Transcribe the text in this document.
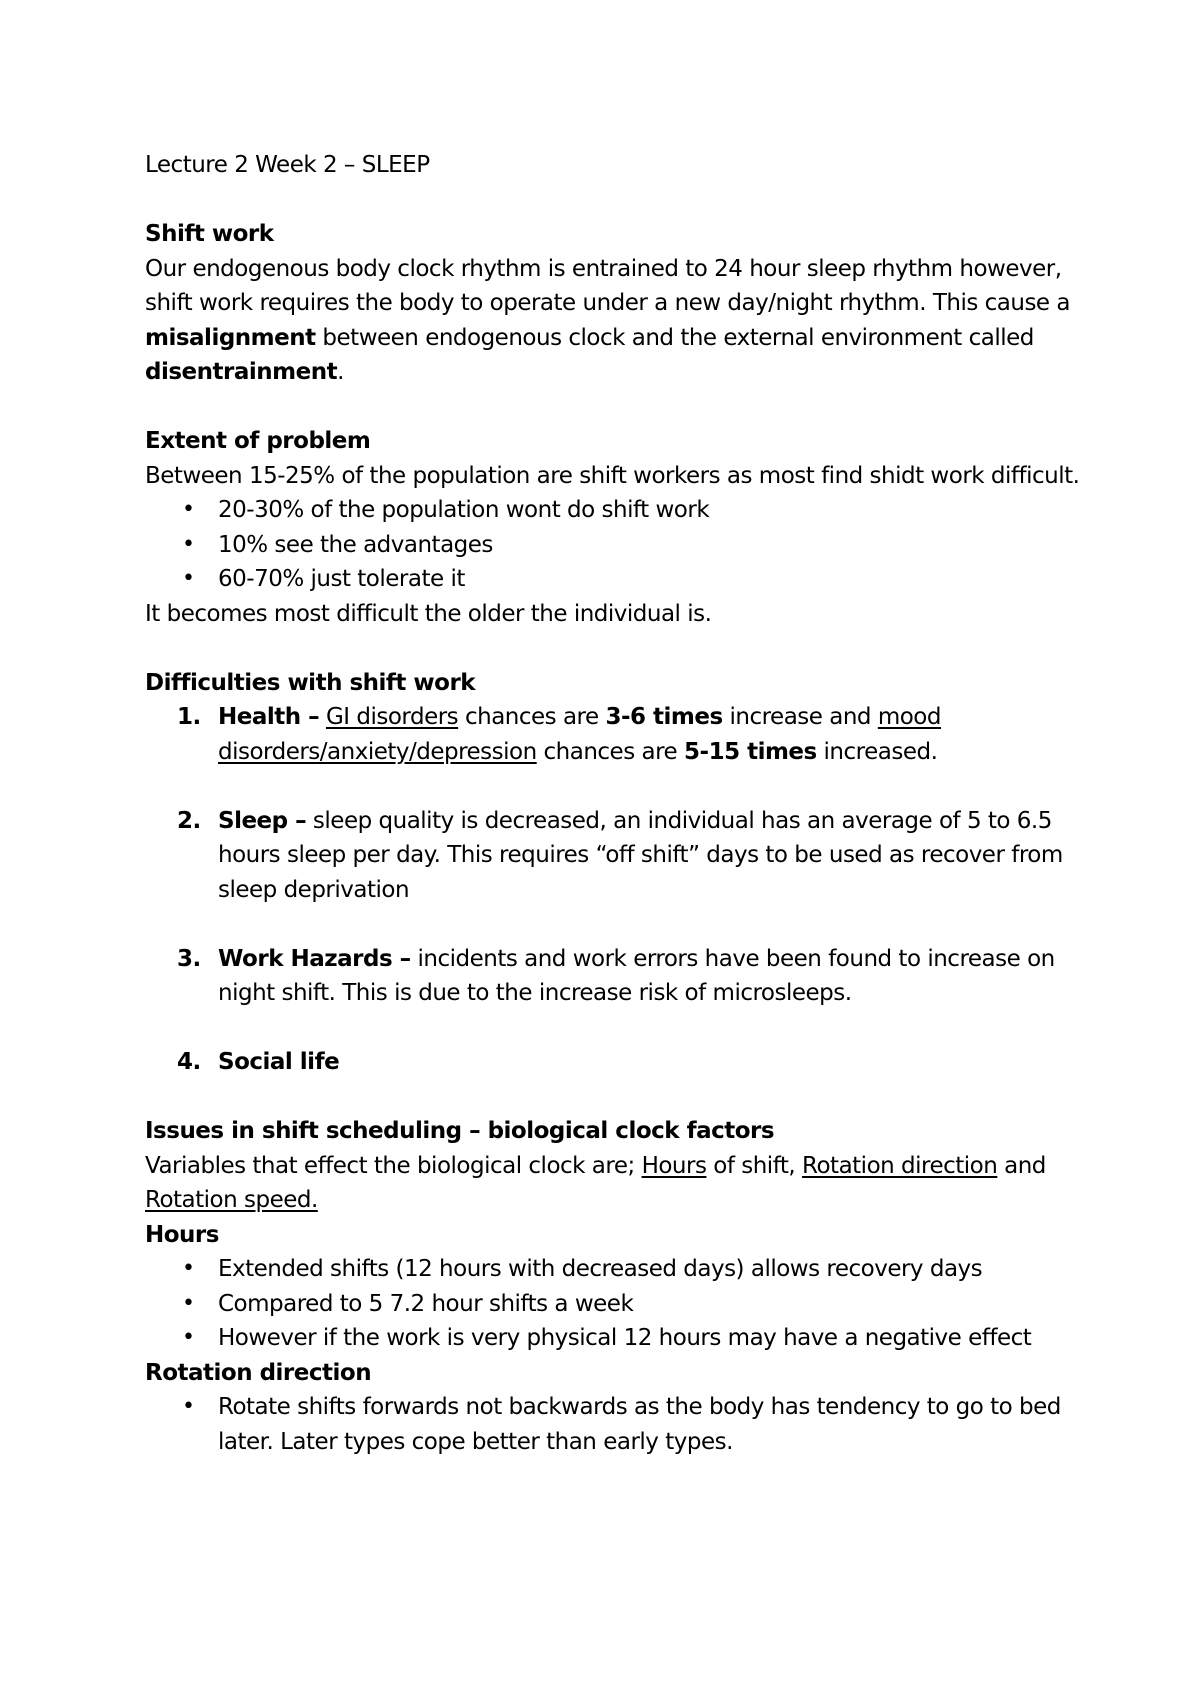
Lecture 2 Week 2 – SLEEP

Shift work

Our endogenous body clock rhythm is entrained to 24 hour sleep rhythm however, shift work requires the body to operate under a new day/night rhythm. This cause a misalignment between endogenous clock and the external environment called disentrainment.

Extent of problem

Between 15-25% of the population are shift workers as most find shidt work difficult.

• 20-30% of the population wont do shift work
• 10% see the advantages
• 60-70% just tolerate it

It becomes most difficult the older the individual is.

Difficulties with shift work

1. Health – GI disorders chances are 3-6 times increase and mood disorders/anxiety/depression chances are 5-15 times increased.
2. Sleep – sleep quality is decreased, an individual has an average of 5 to 6.5 hours sleep per day. This requires “off shift” days to be used as recover from sleep deprivation
3. Work Hazards – incidents and work errors have been found to increase on night shift. This is due to the increase risk of microsleeps.
4. Social life

Issues in shift scheduling – biological clock factors

Variables that effect the biological clock are; Hours of shift, Rotation direction and Rotation speed.

Hours

• Extended shifts (12 hours with decreased days) allows recovery days
• Compared to 5 7.2 hour shifts a week
• However if the work is very physical 12 hours may have a negative effect

Rotation direction

• Rotate shifts forwards not backwards as the body has tendency to go to bed later. Later types cope better than early types.
